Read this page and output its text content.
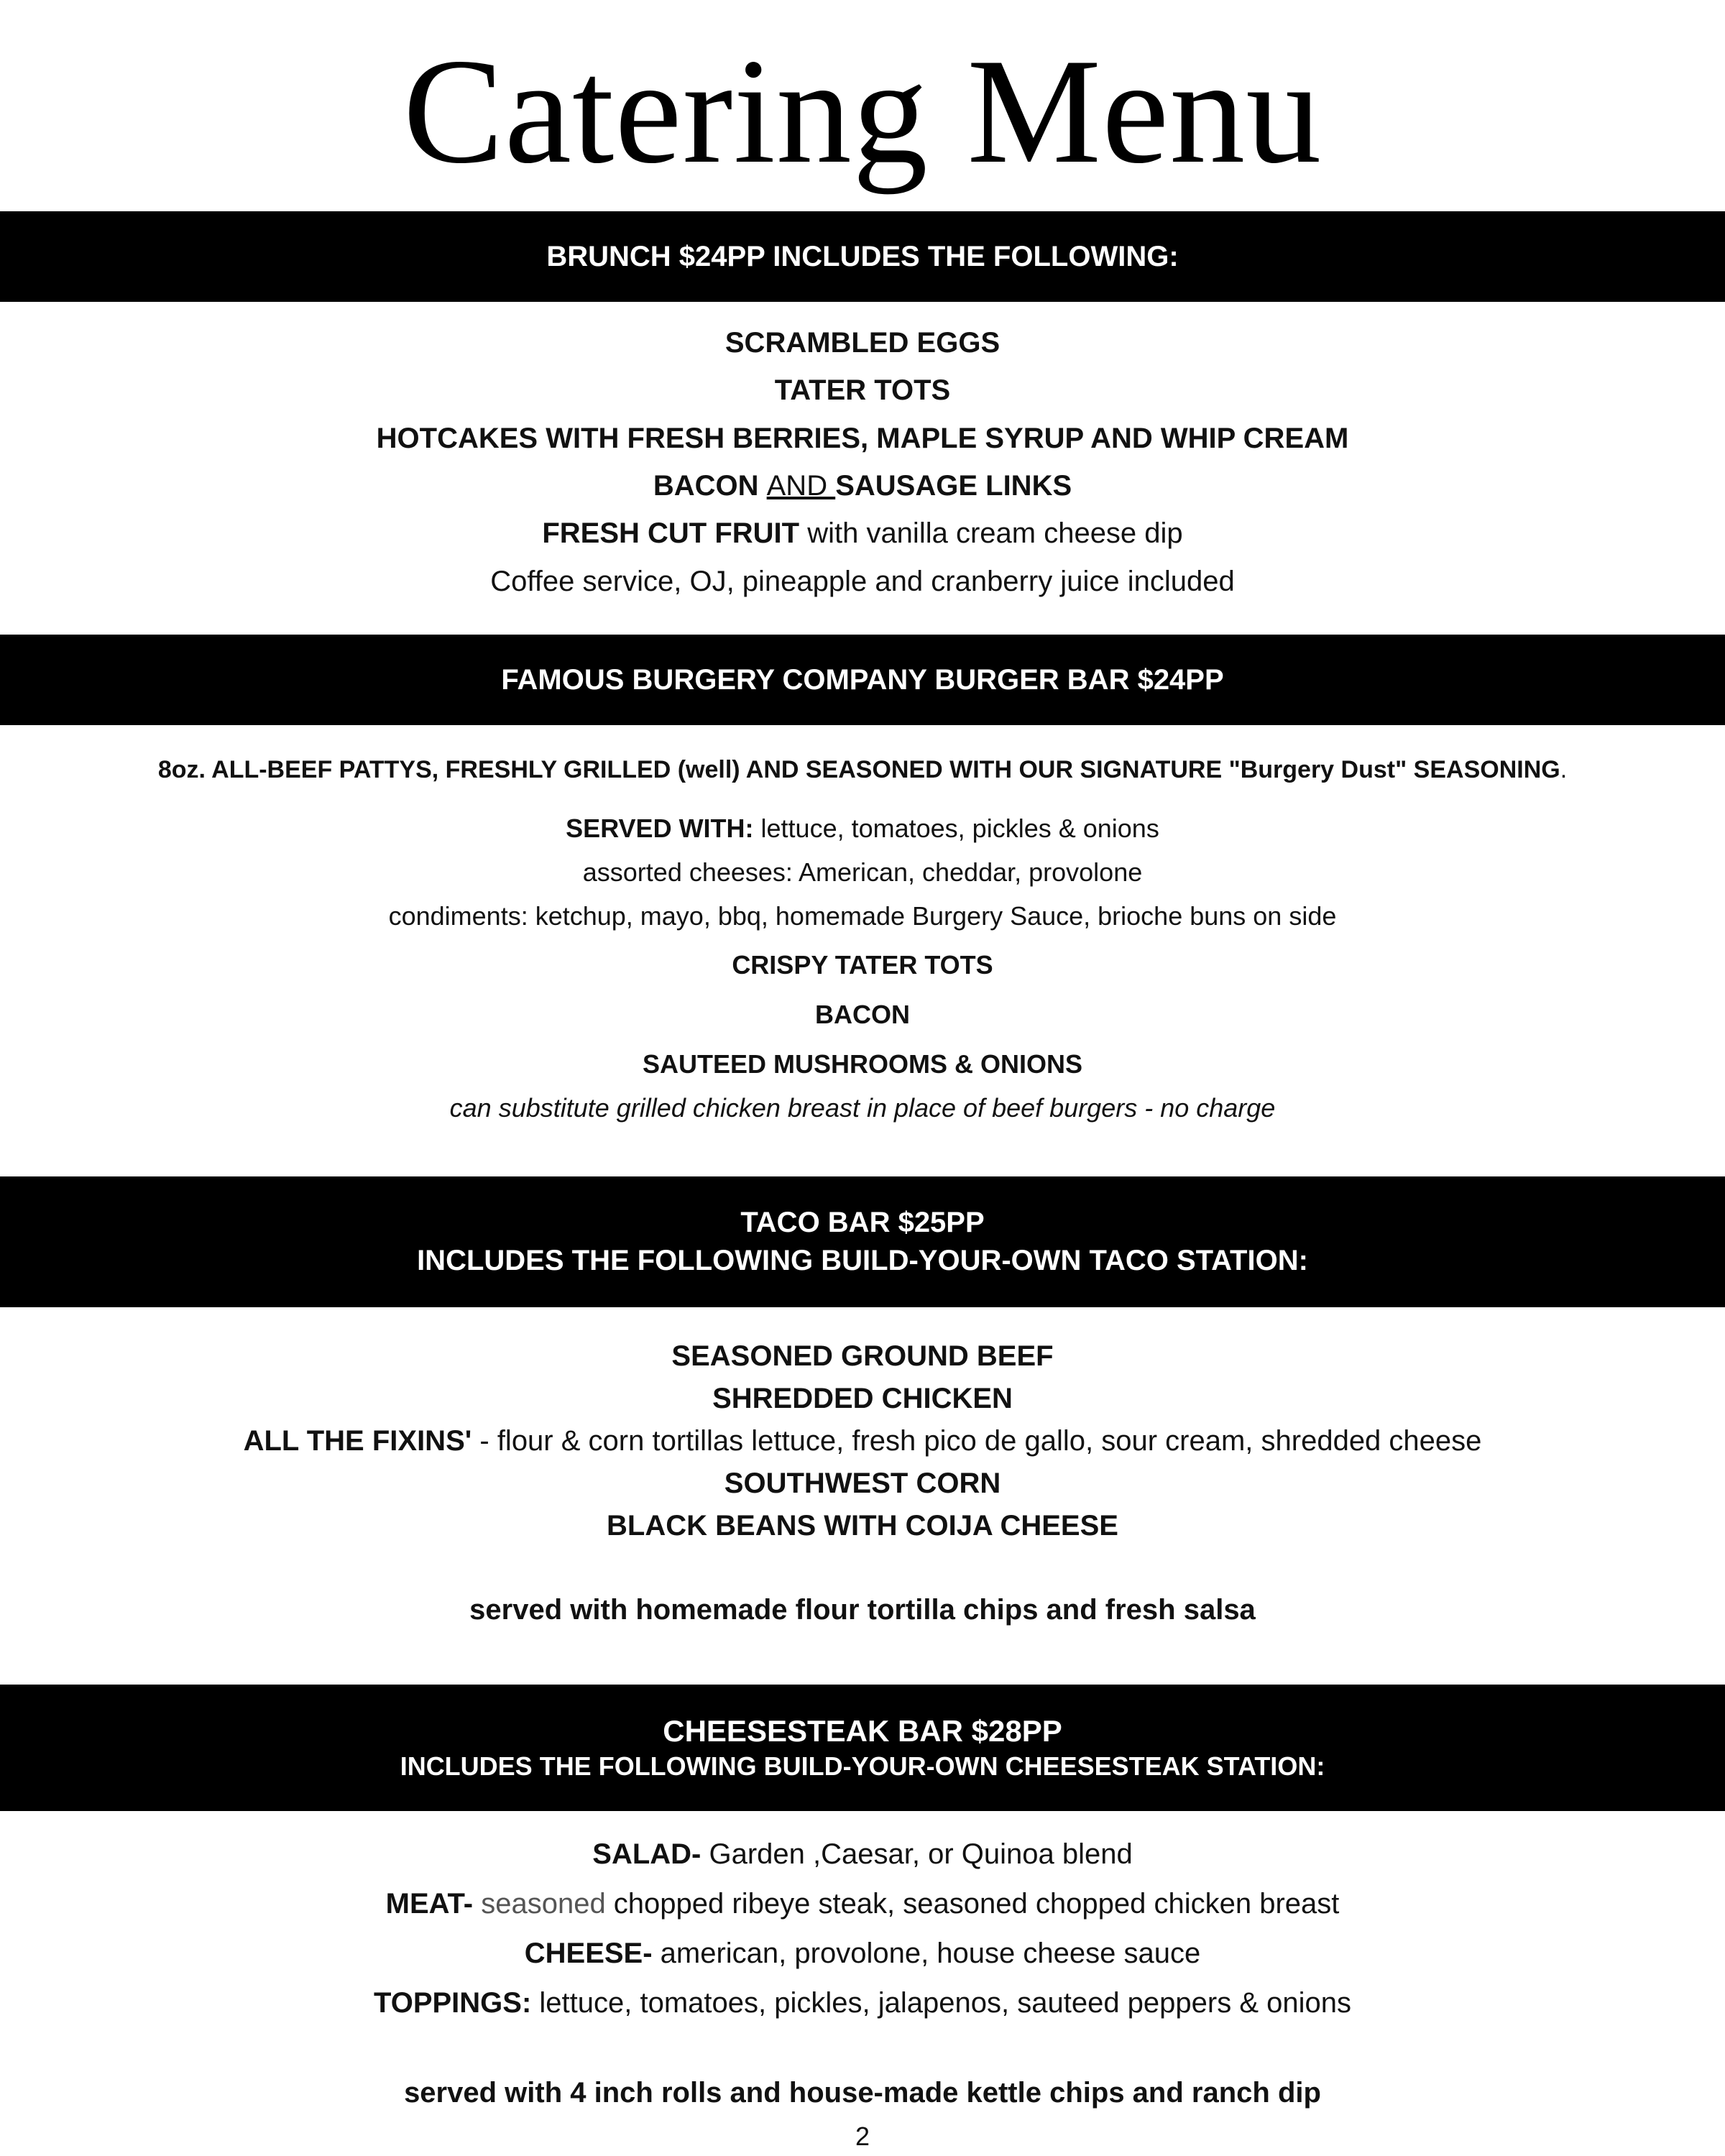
Catering Menu
BRUNCH $24PP INCLUDES THE FOLLOWING:
SCRAMBLED EGGS
TATER TOTS
HOTCAKES WITH FRESH BERRIES, MAPLE SYRUP AND WHIP CREAM
BACON AND SAUSAGE LINKS
FRESH CUT FRUIT with vanilla cream cheese dip
Coffee service, OJ, pineapple and cranberry juice included
FAMOUS BURGERY COMPANY BURGER BAR $24PP
8oz. ALL-BEEF PATTYS, FRESHLY GRILLED (well) AND SEASONED WITH OUR SIGNATURE "Burgery Dust" SEASONING.
SERVED WITH: lettuce, tomatoes, pickles & onions
assorted cheeses: American, cheddar, provolone
condiments: ketchup, mayo, bbq, homemade Burgery Sauce, brioche buns on side
CRISPY TATER TOTS
BACON
SAUTEED MUSHROOMS & ONIONS
can substitute grilled chicken breast in place of beef burgers - no charge
TACO BAR $25PP
INCLUDES THE FOLLOWING BUILD-YOUR-OWN TACO STATION:
SEASONED GROUND BEEF
SHREDDED CHICKEN
ALL THE FIXINS' - flour & corn tortillas lettuce, fresh pico de gallo, sour cream, shredded cheese
SOUTHWEST CORN
BLACK BEANS WITH COIJA CHEESE
served with homemade flour tortilla chips and fresh salsa
CHEESESTEAK BAR $28PP
INCLUDES THE FOLLOWING BUILD-YOUR-OWN CHEESESTEAK STATION:
SALAD- Garden ,Caesar, or Quinoa blend
MEAT- seasoned chopped ribeye steak, seasoned chopped chicken breast
CHEESE- american, provolone, house cheese sauce
TOPPINGS: lettuce, tomatoes, pickles, jalapenos, sauteed peppers & onions
served with 4 inch rolls and house-made kettle chips and ranch dip
2
